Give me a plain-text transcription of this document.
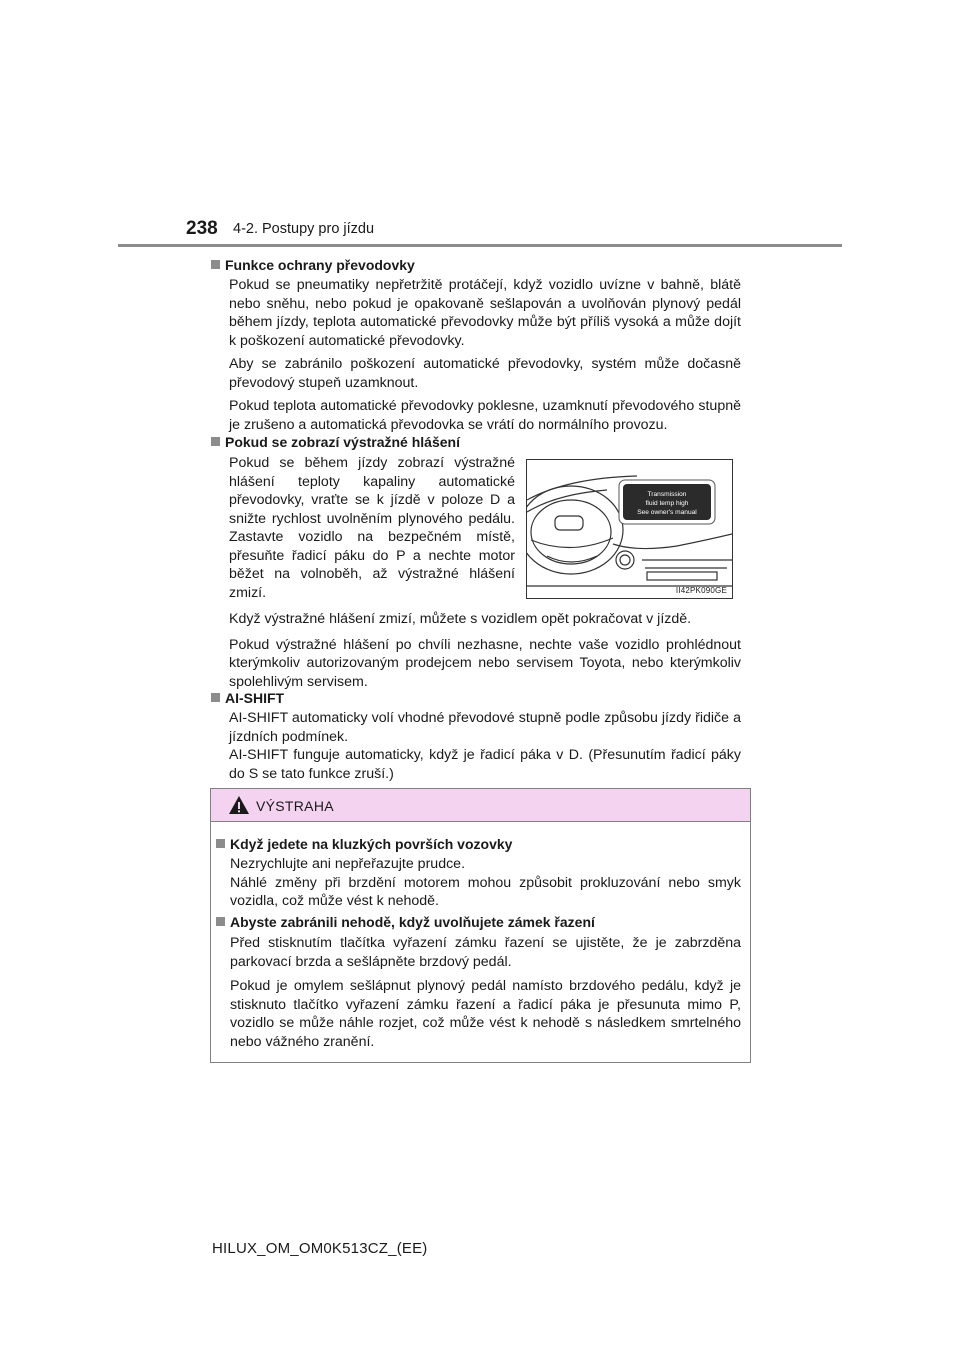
238 4-2. Postupy pro jízdu
Funkce ochrany převodovky

Pokud se pneumatiky nepřetržitě protáčejí, když vozidlo uvízne v bahně, blátě nebo sněhu, nebo pokud je opakovaně sešlapován a uvolňován plynový pedál během jízdy, teplota automatické převodovky může být příliš vysoká a může dojít k poškození automatické převodovky.

Aby se zabránilo poškození automatické převodovky, systém může dočasně převodový stupeň uzamknout.

Pokud teplota automatické převodovky poklesne, uzamknutí převodového stupně je zrušeno a automatická převodovka se vrátí do normálního provozu.

Pokud se zobrazí výstražné hlášení

Pokud se během jízdy zobrazí výstražné hlášení teploty kapaliny automatické převodovky, vraťte se k jízdě v poloze D a snižte rychlost uvolněním plynového pedálu. Zastavte vozidlo na bezpečném místě, přesuňte řadicí páku do P a nechte motor běžet na volnoběh, až výstražné hlášení zmizí.

Transmission
fluid temp high
See owner's manual
II42PK090GE

Když výstražné hlášení zmizí, můžete s vozidlem opět pokračovat v jízdě.

Pokud výstražné hlášení po chvíli nezhasne, nechte vaše vozidlo prohlédnout kterýmkoliv autorizovaným prodejcem nebo servisem Toyota, nebo kterýmkoliv spolehlivým servisem.

AI-SHIFT

AI-SHIFT automaticky volí vhodné převodové stupně podle způsobu jízdy řidiče a jízdních podmínek.

AI-SHIFT funguje automaticky, když je řadicí páka v D. (Přesunutím řadicí páky do S se tato funkce zruší.)

VÝSTRAHA
Když jedete na kluzkých površích vozovky

Nezrychlujte ani nepřeřazujte prudce.

Náhlé změny při brzdění motorem mohou způsobit prokluzování nebo smyk vozidla, což může vést k nehodě.

Abyste zabránili nehodě, když uvolňujete zámek řazení

Před stisknutím tlačítka vyřazení zámku řazení se ujistěte, že je zabrzděna parkovací brzda a sešlápněte brzdový pedál.

Pokud je omylem sešlápnut plynový pedál namísto brzdového pedálu, když je stisknuto tlačítko vyřazení zámku řazení a řadicí páka je přesunuta mimo P, vozidlo se může náhle rozjet, což může vést k nehodě s následkem smrtelného nebo vážného zranění.

HILUX_OM_OM0K513CZ_(EE)
